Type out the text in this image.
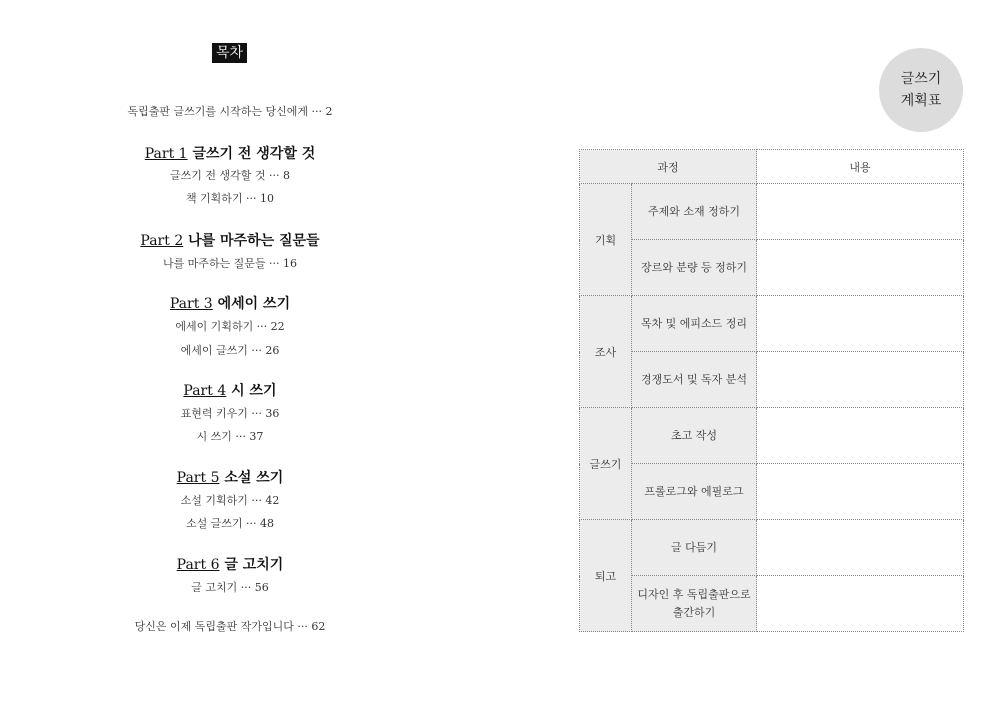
목차
독립출판 글쓰기를 시작하는 당신에게 ··· 2
Part 1 글쓰기 전 생각할 것
글쓰기 전 생각할 것 ··· 8
책 기획하기 ··· 10
Part 2 나를 마주하는 질문들
나를 마주하는 질문들 ··· 16
Part 3 에세이 쓰기
에세이 기획하기 ··· 22
에세이 글쓰기 ··· 26
Part 4 시 쓰기
표현력 키우기 ··· 36
시 쓰기 ··· 37
Part 5 소설 쓰기
소설 기획하기 ··· 42
소설 글쓰기 ··· 48
Part 6 글 고치기
글 고치기 ··· 56
당신은 이제 독립출판 작가입니다 ··· 62
글쓰기
계획표
과정		내용
기획	주제와 소재 정하기	
	장르와 분량 등 정하기	
조사	목차 및 에피소드 정리	
	경쟁도서 및 독자 분석	
글쓰기	초고 작성	
	프롤로그와 에필로그	
퇴고	글 다듬기	
	디자인 후 독립출판으로
출간하기	
